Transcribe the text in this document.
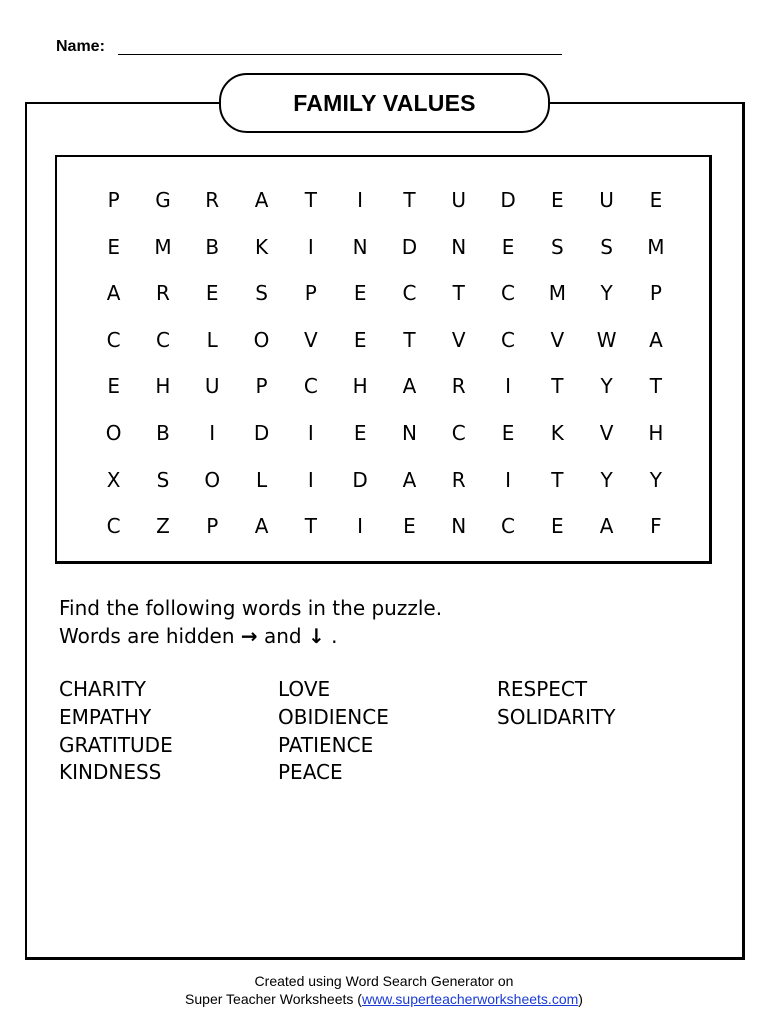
Name:
FAMILY VALUES
P	G	R	A	T	I	T	U	D	E	U	E
E	M	B	K	I	N	D	N	E	S	S	M
A	R	E	S	P	E	C	T	C	M	Y	P
C	C	L	O	V	E	T	V	C	V	W	A
E	H	U	P	C	H	A	R	I	T	Y	T
O	B	I	D	I	E	N	C	E	K	V	H
X	S	O	L	I	D	A	R	I	T	Y	Y
C	Z	P	A	T	I	E	N	C	E	A	F
Find the following words in the puzzle.
Words are hidden → and ↓ .
CHARITY
EMPATHY
GRATITUDE
KINDNESS
LOVE
OBIDIENCE
PATIENCE
PEACE
RESPECT
SOLIDARITY
Created using Word Search Generator on
Super Teacher Worksheets (www.superteacherworksheets.com)
